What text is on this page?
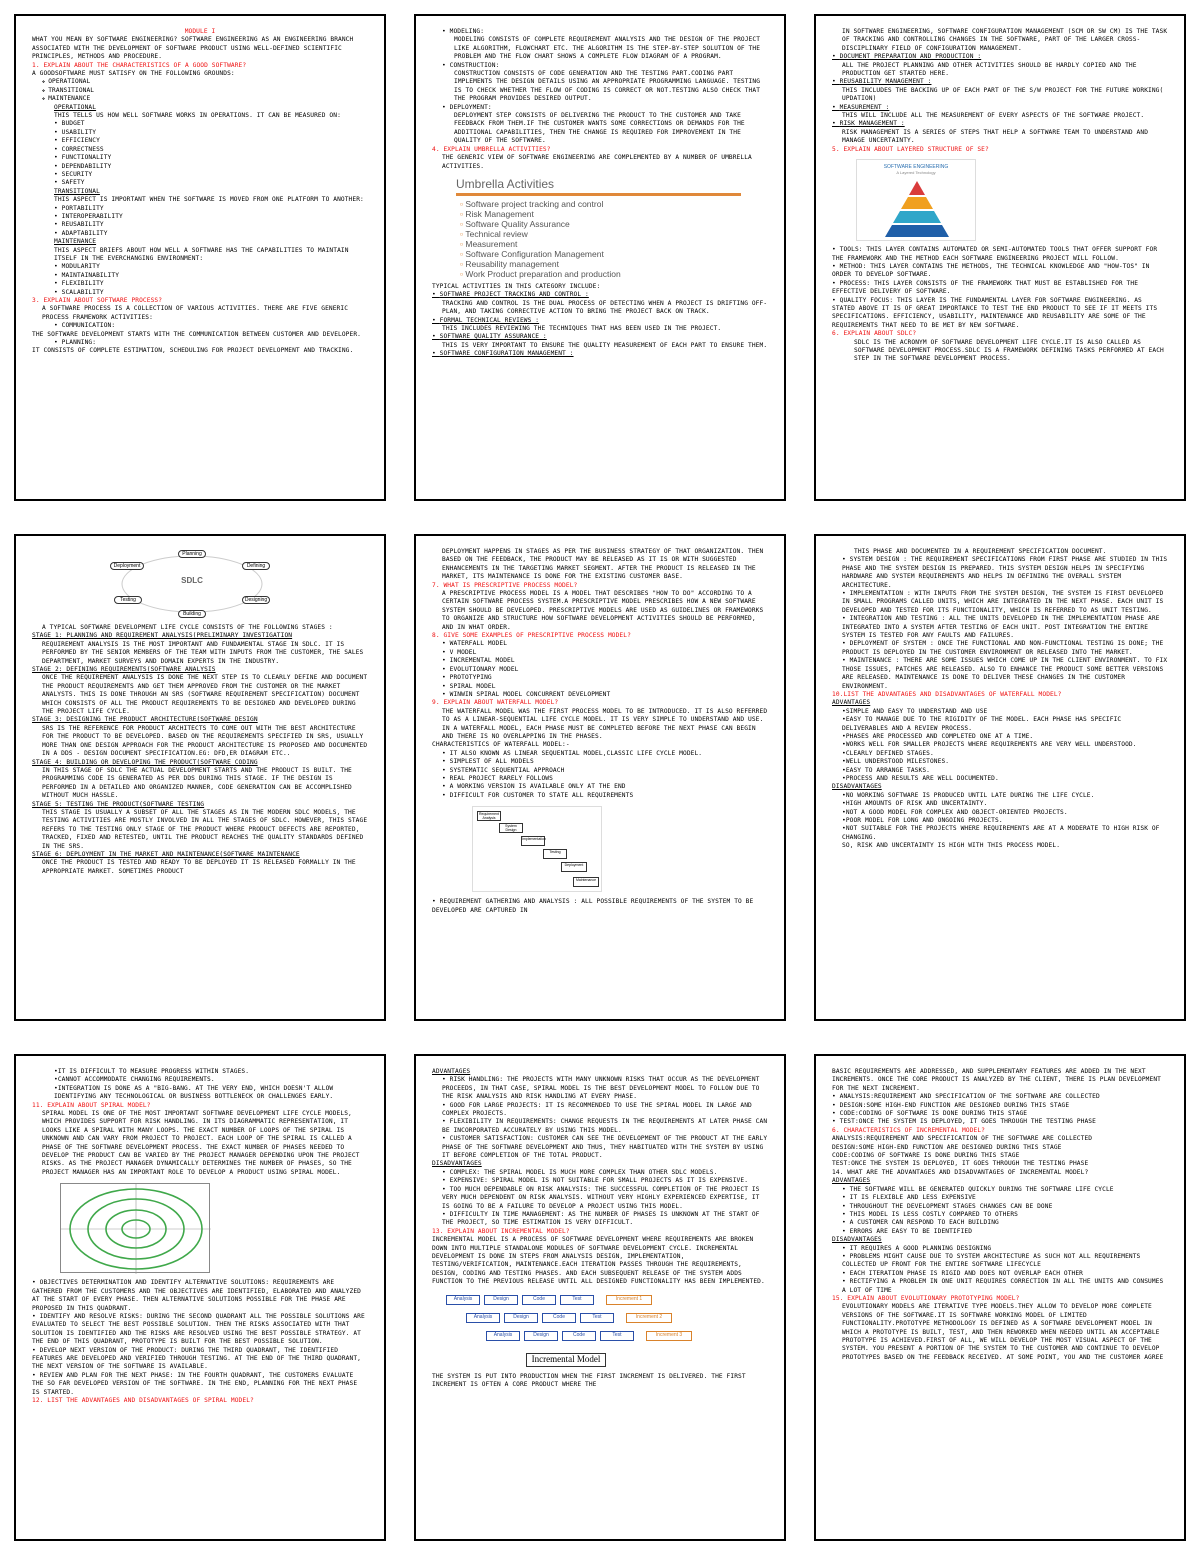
MODULE I

WHAT YOU MEAN BY SOFTWARE ENGINEERING? SOFTWARE ENGINEERING AS AN ENGINEERING BRANCH ASSOCIATED WITH THE DEVELOPMENT OF SOFTWARE PRODUCT USING WELL-DEFINED SCIENTIFIC PRINCIPLES, METHODS AND PROCEDURE.

1. EXPLAIN ABOUT THE CHARACTERISTICS OF A GOOD SOFTWARE?

A GOODSOFTWARE MUST SATISFY ON THE FOLLOWING GROUNDS:

❖ OPERATIONAL

❖ TRANSITIONAL

❖ MAINTENANCE

OPERATIONAL

THIS TELLS US HOW WELL SOFTWARE WORKS IN OPERATIONS. IT CAN BE MEASURED ON:

• BUDGET

• USABILITY

• EFFICIENCY

• CORRECTNESS

• FUNCTIONALITY

• DEPENDABILITY

• SECURITY

• SAFETY

TRANSITIONAL

THIS ASPECT IS IMPORTANT WHEN THE SOFTWARE IS MOVED FROM ONE PLATFORM TO ANOTHER:

• PORTABILITY

• INTEROPERABILITY

• REUSABILITY

• ADAPTABILITY

MAINTENANCE

THIS ASPECT BRIEFS ABOUT HOW WELL A SOFTWARE HAS THE CAPABILITIES TO MAINTAIN ITSELF IN THE EVERCHANGING ENVIRONMENT:

• MODULARITY

• MAINTAINABILITY

• FLEXIBILITY

• SCALABILITY

3. EXPLAIN ABOUT SOFTWARE PROCESS?

A SOFTWARE PROCESS IS A COLLECTION OF VARIOUS ACTIVITIES. THERE ARE FIVE GENERIC PROCESS FRAMEWORK ACTIVITIES:

• COMMUNICATION:

THE SOFTWARE DEVELOPMENT STARTS WITH THE COMMUNICATION BETWEEN CUSTOMER AND DEVELOPER.

• PLANNING:

IT CONSISTS OF COMPLETE ESTIMATION, SCHEDULING FOR PROJECT DEVELOPMENT AND TRACKING.

• MODELING:

MODELING CONSISTS OF COMPLETE REQUIREMENT ANALYSIS AND THE DESIGN OF THE PROJECT LIKE ALGORITHM, FLOWCHART ETC. THE ALGORITHM IS THE STEP-BY-STEP SOLUTION OF THE PROBLEM AND THE FLOW CHART SHOWS A COMPLETE FLOW DIAGRAM OF A PROGRAM.

• CONSTRUCTION:

CONSTRUCTION CONSISTS OF CODE GENERATION AND THE TESTING PART.CODING PART IMPLEMENTS THE DESIGN DETAILS USING AN APPROPRIATE PROGRAMMING LANGUAGE. TESTING IS TO CHECK WHETHER THE FLOW OF CODING IS CORRECT OR NOT.TESTING ALSO CHECK THAT THE PROGRAM PROVIDES DESIRED OUTPUT.

• DEPLOYMENT:

DEPLOYMENT STEP CONSISTS OF DELIVERING THE PRODUCT TO THE CUSTOMER AND TAKE FEEDBACK FROM THEM.IF THE CUSTOMER WANTS SOME CORRECTIONS OR DEMANDS FOR THE ADDITIONAL CAPABILITIES, THEN THE CHANGE IS REQUIRED FOR IMPROVEMENT IN THE QUALITY OF THE SOFTWARE.

4. EXPLAIN UMBRELLA ACTIVITIES?

THE GENERIC VIEW OF SOFTWARE ENGINEERING ARE COMPLEMENTED BY A NUMBER OF UMBRELLA ACTIVITIES.

Umbrella Activities
▫ Software project tracking and control
▫ Risk Management
▫ Software Quality Assurance
▫ Technical review
▫ Measurement
▫ Software Configuration Management
▫ Reusability management
▫ Work Product preparation and production

TYPICAL ACTIVITIES IN THIS CATEGORY INCLUDE:

• SOFTWARE PROJECT TRACKING AND CONTROL :

TRACKING AND CONTROL IS THE DUAL PROCESS OF DETECTING WHEN A PROJECT IS DRIFTING OFF-PLAN, AND TAKING CORRECTIVE ACTION TO BRING THE PROJECT BACK ON TRACK.

• FORMAL TECHNICAL REVIEWS :

THIS INCLUDES REVIEWING THE TECHNIQUES THAT HAS BEEN USED IN THE PROJECT.

• SOFTWARE QUALITY ASSURANCE :

THIS IS VERY IMPORTANT TO ENSURE THE QUALITY MEASUREMENT OF EACH PART TO ENSURE THEM.

• SOFTWARE CONFIGURATION MANAGEMENT :

IN SOFTWARE ENGINEERING, SOFTWARE CONFIGURATION MANAGEMENT (SCM OR SW CM) IS THE TASK OF TRACKING AND CONTROLLING CHANGES IN THE SOFTWARE, PART OF THE LARGER CROSS-DISCIPLINARY FIELD OF CONFIGURATION MANAGEMENT.

• DOCUMENT PREPARATION AND PRODUCTION :

ALL THE PROJECT PLANNING AND OTHER ACTIVITIES SHOULD BE HARDLY COPIED AND THE PRODUCTION GET STARTED HERE.

• REUSABILITY MANAGEMENT :

THIS INCLUDES THE BACKING UP OF EACH PART OF THE S/W PROJECT FOR THE FUTURE WORKING( UPDATION)

• MEASUREMENT :

THIS WILL INCLUDE ALL THE MEASUREMENT OF EVERY ASPECTS OF THE SOFTWARE PROJECT.

• RISK MANAGEMENT :

RISK MANAGEMENT IS A SERIES OF STEPS THAT HELP A SOFTWARE TEAM TO UNDERSTAND AND MANAGE UNCERTAINTY.

5. EXPLAIN ABOUT LAYERED STRUCTURE OF SE?

SOFTWARE ENGINEERING
A Layered Technology

• TOOLS: THIS LAYER CONTAINS AUTOMATED OR SEMI-AUTOMATED TOOLS THAT OFFER SUPPORT FOR THE FRAMEWORK AND THE METHOD EACH SOFTWARE ENGINEERING PROJECT WILL FOLLOW.

• METHOD: THIS LAYER CONTAINS THE METHODS, THE TECHNICAL KNOWLEDGE AND "HOW-TOS" IN ORDER TO DEVELOP SOFTWARE.

• PROCESS: THIS LAYER CONSISTS OF THE FRAMEWORK THAT MUST BE ESTABLISHED FOR THE EFFECTIVE DELIVERY OF SOFTWARE.

• QUALITY FOCUS: THIS LAYER IS THE FUNDAMENTAL LAYER FOR SOFTWARE ENGINEERING. AS STATED ABOVE IT IS OF GREAT IMPORTANCE TO TEST THE END PRODUCT TO SEE IF IT MEETS ITS SPECIFICATIONS. EFFICIENCY, USABILITY, MAINTENANCE AND REUSABILITY ARE SOME OF THE REQUIREMENTS THAT NEED TO BE MET BY NEW SOFTWARE.

6. EXPLAIN ABOUT SDLC?

SDLC IS THE ACRONYM OF SOFTWARE DEVELOPMENT LIFE CYCLE.IT IS ALSO CALLED AS SOFTWARE DEVELOPMENT PROCESS.SDLC IS A FRAMEWORK DEFINING TASKS PERFORMED AT EACH STEP IN THE SOFTWARE DEVELOPMENT PROCESS.

SDLC
Planning
Defining
Designing
Building
Testing
Deployment

A TYPICAL SOFTWARE DEVELOPMENT LIFE CYCLE CONSISTS OF THE FOLLOWING STAGES :

STAGE 1: PLANNING AND REQUIREMENT ANALYSIS(PRELIMINARY INVESTIGATION

REQUIREMENT ANALYSIS IS THE MOST IMPORTANT AND FUNDAMENTAL STAGE IN SDLC. IT IS PERFORMED BY THE SENIOR MEMBERS OF THE TEAM WITH INPUTS FROM THE CUSTOMER, THE SALES DEPARTMENT, MARKET SURVEYS AND DOMAIN EXPERTS IN THE INDUSTRY.

STAGE 2: DEFINING REQUIREMENTS(SOFTWARE ANALYSIS

ONCE THE REQUIREMENT ANALYSIS IS DONE THE NEXT STEP IS TO CLEARLY DEFINE AND DOCUMENT THE PRODUCT REQUIREMENTS AND GET THEM APPROVED FROM THE CUSTOMER OR THE MARKET ANALYSTS. THIS IS DONE THROUGH AN SRS (SOFTWARE REQUIREMENT SPECIFICATION) DOCUMENT WHICH CONSISTS OF ALL THE PRODUCT REQUIREMENTS TO BE DESIGNED AND DEVELOPED DURING THE PROJECT LIFE CYCLE.

STAGE 3: DESIGNING THE PRODUCT ARCHITECTURE(SOFTWARE DESIGN

SRS IS THE REFERENCE FOR PRODUCT ARCHITECTS TO COME OUT WITH THE BEST ARCHITECTURE FOR THE PRODUCT TO BE DEVELOPED. BASED ON THE REQUIREMENTS SPECIFIED IN SRS, USUALLY MORE THAN ONE DESIGN APPROACH FOR THE PRODUCT ARCHITECTURE IS PROPOSED AND DOCUMENTED IN A DDS - DESIGN DOCUMENT SPECIFICATION.EG: DFD,ER DIAGRAM ETC..

STAGE 4: BUILDING OR DEVELOPING THE PRODUCT(SOFTWARE CODING

IN THIS STAGE OF SDLC THE ACTUAL DEVELOPMENT STARTS AND THE PRODUCT IS BUILT. THE PROGRAMMING CODE IS GENERATED AS PER DDS DURING THIS STAGE. IF THE DESIGN IS PERFORMED IN A DETAILED AND ORGANIZED MANNER, CODE GENERATION CAN BE ACCOMPLISHED WITHOUT MUCH HASSLE.

STAGE 5: TESTING THE PRODUCT(SOFTWARE TESTING

THIS STAGE IS USUALLY A SUBSET OF ALL THE STAGES AS IN THE MODERN SDLC MODELS, THE TESTING ACTIVITIES ARE MOSTLY INVOLVED IN ALL THE STAGES OF SDLC. HOWEVER, THIS STAGE REFERS TO THE TESTING ONLY STAGE OF THE PRODUCT WHERE PRODUCT DEFECTS ARE REPORTED, TRACKED, FIXED AND RETESTED, UNTIL THE PRODUCT REACHES THE QUALITY STANDARDS DEFINED IN THE SRS.

STAGE 6: DEPLOYMENT IN THE MARKET AND MAINTENANCE(SOFTWARE MAINTENANCE

ONCE THE PRODUCT IS TESTED AND READY TO BE DEPLOYED IT IS RELEASED FORMALLY IN THE APPROPRIATE MARKET. SOMETIMES PRODUCT

DEPLOYMENT HAPPENS IN STAGES AS PER THE BUSINESS STRATEGY OF THAT ORGANIZATION. THEN BASED ON THE FEEDBACK, THE PRODUCT MAY BE RELEASED AS IT IS OR WITH SUGGESTED ENHANCEMENTS IN THE TARGETING MARKET SEGMENT. AFTER THE PRODUCT IS RELEASED IN THE MARKET, ITS MAINTENANCE IS DONE FOR THE EXISTING CUSTOMER BASE.

7. WHAT IS PRESCRIPTIVE PROCESS MODEL?

A PRESCRIPTIVE PROCESS MODEL IS A MODEL THAT DESCRIBES "HOW TO DO" ACCORDING TO A CERTAIN SOFTWARE PROCESS SYSTEM.A PRESCRIPTIVE MODEL PRESCRIBES HOW A NEW SOFTWARE SYSTEM SHOULD BE DEVELOPED. PRESCRIPTIVE MODELS ARE USED AS GUIDELINES OR FRAMEWORKS TO ORGANIZE AND STRUCTURE HOW SOFTWARE DEVELOPMENT ACTIVITIES SHOULD BE PERFORMED, AND IN WHAT ORDER.

8. GIVE SOME EXAMPLES OF PRESCRIPTIVE PROCESS MODEL?

• WATERFALL MODEL

• V MODEL

• INCREMENTAL MODEL

• EVOLUTIONARY MODEL

• PROTOTYPING

• SPIRAL MODEL

• WINWIN SPIRAL MODEL CONCURRENT DEVELOPMENT

9. EXPLAIN ABOUT WATERFALL MODEL?

THE WATERFALL MODEL WAS THE FIRST PROCESS MODEL TO BE INTRODUCED. IT IS ALSO REFERRED TO AS A LINEAR-SEQUENTIAL LIFE CYCLE MODEL. IT IS VERY SIMPLE TO UNDERSTAND AND USE. IN A WATERFALL MODEL, EACH PHASE MUST BE COMPLETED BEFORE THE NEXT PHASE CAN BEGIN AND THERE IS NO OVERLAPPING IN THE PHASES.

CHARACTERISTICS OF WATERFALL MODEL:-

• IT ALSO KNOWN AS LINEAR SEQUENTIAL MODEL,CLASSIC LIFE CYCLE MODEL.

• SIMPLEST OF ALL MODELS

• SYSTEMATIC SEQUENTIAL APPROACH

• REAL PROJECT RARELY FOLLOWS

• A WORKING VERSION IS AVAILABLE ONLY AT THE END

• DIFFICULT FOR CUSTOMER TO STATE ALL REQUIREMENTS

Requirement Analysis
System Design
Implementation
Testing
Deployment
Maintenance

• REQUIREMENT GATHERING AND ANALYSIS : ALL POSSIBLE REQUIREMENTS OF THE SYSTEM TO BE DEVELOPED ARE CAPTURED IN

THIS PHASE AND DOCUMENTED IN A REQUIREMENT SPECIFICATION DOCUMENT.

• SYSTEM DESIGN : THE REQUIREMENT SPECIFICATIONS FROM FIRST PHASE ARE STUDIED IN THIS PHASE AND THE SYSTEM DESIGN IS PREPARED. THIS SYSTEM DESIGN HELPS IN SPECIFYING HARDWARE AND SYSTEM REQUIREMENTS AND HELPS IN DEFINING THE OVERALL SYSTEM ARCHITECTURE.

• IMPLEMENTATION : WITH INPUTS FROM THE SYSTEM DESIGN, THE SYSTEM IS FIRST DEVELOPED IN SMALL PROGRAMS CALLED UNITS, WHICH ARE INTEGRATED IN THE NEXT PHASE. EACH UNIT IS DEVELOPED AND TESTED FOR ITS FUNCTIONALITY, WHICH IS REFERRED TO AS UNIT TESTING.

• INTEGRATION AND TESTING : ALL THE UNITS DEVELOPED IN THE IMPLEMENTATION PHASE ARE INTEGRATED INTO A SYSTEM AFTER TESTING OF EACH UNIT. POST INTEGRATION THE ENTIRE SYSTEM IS TESTED FOR ANY FAULTS AND FAILURES.

• DEPLOYMENT OF SYSTEM : ONCE THE FUNCTIONAL AND NON-FUNCTIONAL TESTING IS DONE; THE PRODUCT IS DEPLOYED IN THE CUSTOMER ENVIRONMENT OR RELEASED INTO THE MARKET.

• MAINTENANCE : THERE ARE SOME ISSUES WHICH COME UP IN THE CLIENT ENVIRONMENT. TO FIX THOSE ISSUES, PATCHES ARE RELEASED. ALSO TO ENHANCE THE PRODUCT SOME BETTER VERSIONS ARE RELEASED. MAINTENANCE IS DONE TO DELIVER THESE CHANGES IN THE CUSTOMER ENVIRONMENT.

10.LIST THE ADVANTAGES AND DISADVANTAGES OF WATERFALL MODEL?

ADVANTAGES

•SIMPLE AND EASY TO UNDERSTAND AND USE

•EASY TO MANAGE DUE TO THE RIGIDITY OF THE MODEL. EACH PHASE HAS SPECIFIC DELIVERABLES AND A REVIEW PROCESS.

•PHASES ARE PROCESSED AND COMPLETED ONE AT A TIME.

•WORKS WELL FOR SMALLER PROJECTS WHERE REQUIREMENTS ARE VERY WELL UNDERSTOOD.

•CLEARLY DEFINED STAGES.

•WELL UNDERSTOOD MILESTONES.

•EASY TO ARRANGE TASKS.

•PROCESS AND RESULTS ARE WELL DOCUMENTED.

DISADVANTAGES

•NO WORKING SOFTWARE IS PRODUCED UNTIL LATE DURING THE LIFE CYCLE.

•HIGH AMOUNTS OF RISK AND UNCERTAINTY.

•NOT A GOOD MODEL FOR COMPLEX AND OBJECT-ORIENTED PROJECTS.

•POOR MODEL FOR LONG AND ONGOING PROJECTS.

•NOT SUITABLE FOR THE PROJECTS WHERE REQUIREMENTS ARE AT A MODERATE TO HIGH RISK OF CHANGING.

SO, RISK AND UNCERTAINTY IS HIGH WITH THIS PROCESS MODEL.

•IT IS DIFFICULT TO MEASURE PROGRESS WITHIN STAGES.

•CANNOT ACCOMMODATE CHANGING REQUIREMENTS.

•INTEGRATION IS DONE AS A "BIG-BANG. AT THE VERY END, WHICH DOESN'T ALLOW IDENTIFYING ANY TECHNOLOGICAL OR BUSINESS BOTTLENECK OR CHALLENGES EARLY.

11. EXPLAIN ABOUT SPIRAL MODEL?

SPIRAL MODEL IS ONE OF THE MOST IMPORTANT SOFTWARE DEVELOPMENT LIFE CYCLE MODELS, WHICH PROVIDES SUPPORT FOR RISK HANDLING. IN ITS DIAGRAMMATIC REPRESENTATION, IT LOOKS LIKE A SPIRAL WITH MANY LOOPS. THE EXACT NUMBER OF LOOPS OF THE SPIRAL IS UNKNOWN AND CAN VARY FROM PROJECT TO PROJECT. EACH LOOP OF THE SPIRAL IS CALLED A PHASE OF THE SOFTWARE DEVELOPMENT PROCESS. THE EXACT NUMBER OF PHASES NEEDED TO DEVELOP THE PRODUCT CAN BE VARIED BY THE PROJECT MANAGER DEPENDING UPON THE PROJECT RISKS. AS THE PROJECT MANAGER DYNAMICALLY DETERMINES THE NUMBER OF PHASES, SO THE PROJECT MANAGER HAS AN IMPORTANT ROLE TO DEVELOP A PRODUCT USING SPIRAL MODEL.

• OBJECTIVES DETERMINATION AND IDENTIFY ALTERNATIVE SOLUTIONS: REQUIREMENTS ARE GATHERED FROM THE CUSTOMERS AND THE OBJECTIVES ARE IDENTIFIED, ELABORATED AND ANALYZED AT THE START OF EVERY PHASE. THEN ALTERNATIVE SOLUTIONS POSSIBLE FOR THE PHASE ARE PROPOSED IN THIS QUADRANT.

• IDENTIFY AND RESOLVE RISKS: DURING THE SECOND QUADRANT ALL THE POSSIBLE SOLUTIONS ARE EVALUATED TO SELECT THE BEST POSSIBLE SOLUTION. THEN THE RISKS ASSOCIATED WITH THAT SOLUTION IS IDENTIFIED AND THE RISKS ARE RESOLVED USING THE BEST POSSIBLE STRATEGY. AT THE END OF THIS QUADRANT, PROTOTYPE IS BUILT FOR THE BEST POSSIBLE SOLUTION.

• DEVELOP NEXT VERSION OF THE PRODUCT: DURING THE THIRD QUADRANT, THE IDENTIFIED FEATURES ARE DEVELOPED AND VERIFIED THROUGH TESTING. AT THE END OF THE THIRD QUADRANT, THE NEXT VERSION OF THE SOFTWARE IS AVAILABLE.

• REVIEW AND PLAN FOR THE NEXT PHASE: IN THE FOURTH QUADRANT, THE CUSTOMERS EVALUATE THE SO FAR DEVELOPED VERSION OF THE SOFTWARE. IN THE END, PLANNING FOR THE NEXT PHASE IS STARTED.

12. LIST THE ADVANTAGES AND DISADVANTAGES OF SPIRAL MODEL?

ADVANTAGES

• RISK HANDLING: THE PROJECTS WITH MANY UNKNOWN RISKS THAT OCCUR AS THE DEVELOPMENT PROCEEDS, IN THAT CASE, SPIRAL MODEL IS THE BEST DEVELOPMENT MODEL TO FOLLOW DUE TO THE RISK ANALYSIS AND RISK HANDLING AT EVERY PHASE.

• GOOD FOR LARGE PROJECTS: IT IS RECOMMENDED TO USE THE SPIRAL MODEL IN LARGE AND COMPLEX PROJECTS.

• FLEXIBILITY IN REQUIREMENTS: CHANGE REQUESTS IN THE REQUIREMENTS AT LATER PHASE CAN BE INCORPORATED ACCURATELY BY USING THIS MODEL.

• CUSTOMER SATISFACTION: CUSTOMER CAN SEE THE DEVELOPMENT OF THE PRODUCT AT THE EARLY PHASE OF THE SOFTWARE DEVELOPMENT AND THUS, THEY HABITUATED WITH THE SYSTEM BY USING IT BEFORE COMPLETION OF THE TOTAL PRODUCT.

DISADVANTAGES

• COMPLEX: THE SPIRAL MODEL IS MUCH MORE COMPLEX THAN OTHER SDLC MODELS.

• EXPENSIVE: SPIRAL MODEL IS NOT SUITABLE FOR SMALL PROJECTS AS IT IS EXPENSIVE.

• TOO MUCH DEPENDABLE ON RISK ANALYSIS: THE SUCCESSFUL COMPLETION OF THE PROJECT IS VERY MUCH DEPENDENT ON RISK ANALYSIS. WITHOUT VERY HIGHLY EXPERIENCED EXPERTISE, IT IS GOING TO BE A FAILURE TO DEVELOP A PROJECT USING THIS MODEL.

• DIFFICULTY IN TIME MANAGEMENT: AS THE NUMBER OF PHASES IS UNKNOWN AT THE START OF THE PROJECT, SO TIME ESTIMATION IS VERY DIFFICULT.

13. EXPLAIN ABOUT INCREMENTAL MODEL?

INCREMENTAL MODEL IS A PROCESS OF SOFTWARE DEVELOPMENT WHERE REQUIREMENTS ARE BROKEN DOWN INTO MULTIPLE STANDALONE MODULES OF SOFTWARE DEVELOPMENT CYCLE. INCREMENTAL DEVELOPMENT IS DONE IN STEPS FROM ANALYSIS DESIGN, IMPLEMENTATION, TESTING/VERIFICATION, MAINTENANCE.EACH ITERATION PASSES THROUGH THE REQUIREMENTS, DESIGN, CODING AND TESTING PHASES. AND EACH SUBSEQUENT RELEASE OF THE SYSTEM ADDS FUNCTION TO THE PREVIOUS RELEASE UNTIL ALL DESIGNED FUNCTIONALITY HAS BEEN IMPLEMENTED.

Analysis	Design	Code	Test	Increment 1
Analysis	Design	Code	Test	Increment 2
Analysis	Design	Code	Test	Increment 3
Incremental Model

THE SYSTEM IS PUT INTO PRODUCTION WHEN THE FIRST INCREMENT IS DELIVERED. THE FIRST INCREMENT IS OFTEN A CORE PRODUCT WHERE THE

BASIC REQUIREMENTS ARE ADDRESSED, AND SUPPLEMENTARY FEATURES ARE ADDED IN THE NEXT INCREMENTS. ONCE THE CORE PRODUCT IS ANALYZED BY THE CLIENT, THERE IS PLAN DEVELOPMENT FOR THE NEXT INCREMENT.

• ANALYSIS:REQUIREMENT AND SPECIFICATION OF THE SOFTWARE ARE COLLECTED

• DESIGN:SOME HIGH-END FUNCTION ARE DESIGNED DURING THIS STAGE

• CODE:CODING OF SOFTWARE IS DONE DURING THIS STAGE

• TEST:ONCE THE SYSTEM IS DEPLOYED, IT GOES THROUGH THE TESTING PHASE

6. CHARACTERISTICS OF INCREMENTAL MODEL?

ANALYSIS:REQUIREMENT AND SPECIFICATION OF THE SOFTWARE ARE COLLECTED

DESIGN:SOME HIGH-END FUNCTION ARE DESIGNED DURING THIS STAGE

CODE:CODING OF SOFTWARE IS DONE DURING THIS STAGE

TEST:ONCE THE SYSTEM IS DEPLOYED, IT GOES THROUGH THE TESTING PHASE

14. WHAT ARE THE ADVANTAGES AND DISADVANTAGES OF INCREMENTAL MODEL?

ADVANTAGES

• THE SOFTWARE WILL BE GENERATED QUICKLY DURING THE SOFTWARE LIFE CYCLE

• IT IS FLEXIBLE AND LESS EXPENSIVE

• THROUGHOUT THE DEVELOPMENT STAGES CHANGES CAN BE DONE

• THIS MODEL IS LESS COSTLY COMPARED TO OTHERS

• A CUSTOMER CAN RESPOND TO EACH BUILDING

• ERRORS ARE EASY TO BE IDENTIFIED

DISADVANTAGES

• IT REQUIRES A GOOD PLANNING DESIGNING

• PROBLEMS MIGHT CAUSE DUE TO SYSTEM ARCHITECTURE AS SUCH NOT ALL REQUIREMENTS COLLECTED UP FRONT FOR THE ENTIRE SOFTWARE LIFECYCLE

• EACH ITERATION PHASE IS RIGID AND DOES NOT OVERLAP EACH OTHER

• RECTIFYING A PROBLEM IN ONE UNIT REQUIRES CORRECTION IN ALL THE UNITS AND CONSUMES A LOT OF TIME

15. EXPLAIN ABOUT EVOLUTIONARY PROTOTYPING MODEL?

EVOLUTIONARY MODELS ARE ITERATIVE TYPE MODELS.THEY ALLOW TO DEVELOP MORE COMPLETE VERSIONS OF THE SOFTWARE.IT IS SOFTWARE WORKING MODEL OF LIMITED FUNCTIONALITY.PROTOTYPE METHODOLOGY IS DEFINED AS A SOFTWARE DEVELOPMENT MODEL IN WHICH A PROTOTYPE IS BUILT, TEST, AND THEN REWORKED WHEN NEEDED UNTIL AN ACCEPTABLE PROTOTYPE IS ACHIEVED.FIRST OF ALL, WE WILL DEVELOP THE MOST VISUAL ASPECT OF THE SYSTEM. YOU PRESENT A PORTION OF THE SYSTEM TO THE CUSTOMER AND CONTINUE TO DEVELOP PROTOTYPES BASED ON THE FEEDBACK RECEIVED. AT SOME POINT, YOU AND THE CUSTOMER AGREE
